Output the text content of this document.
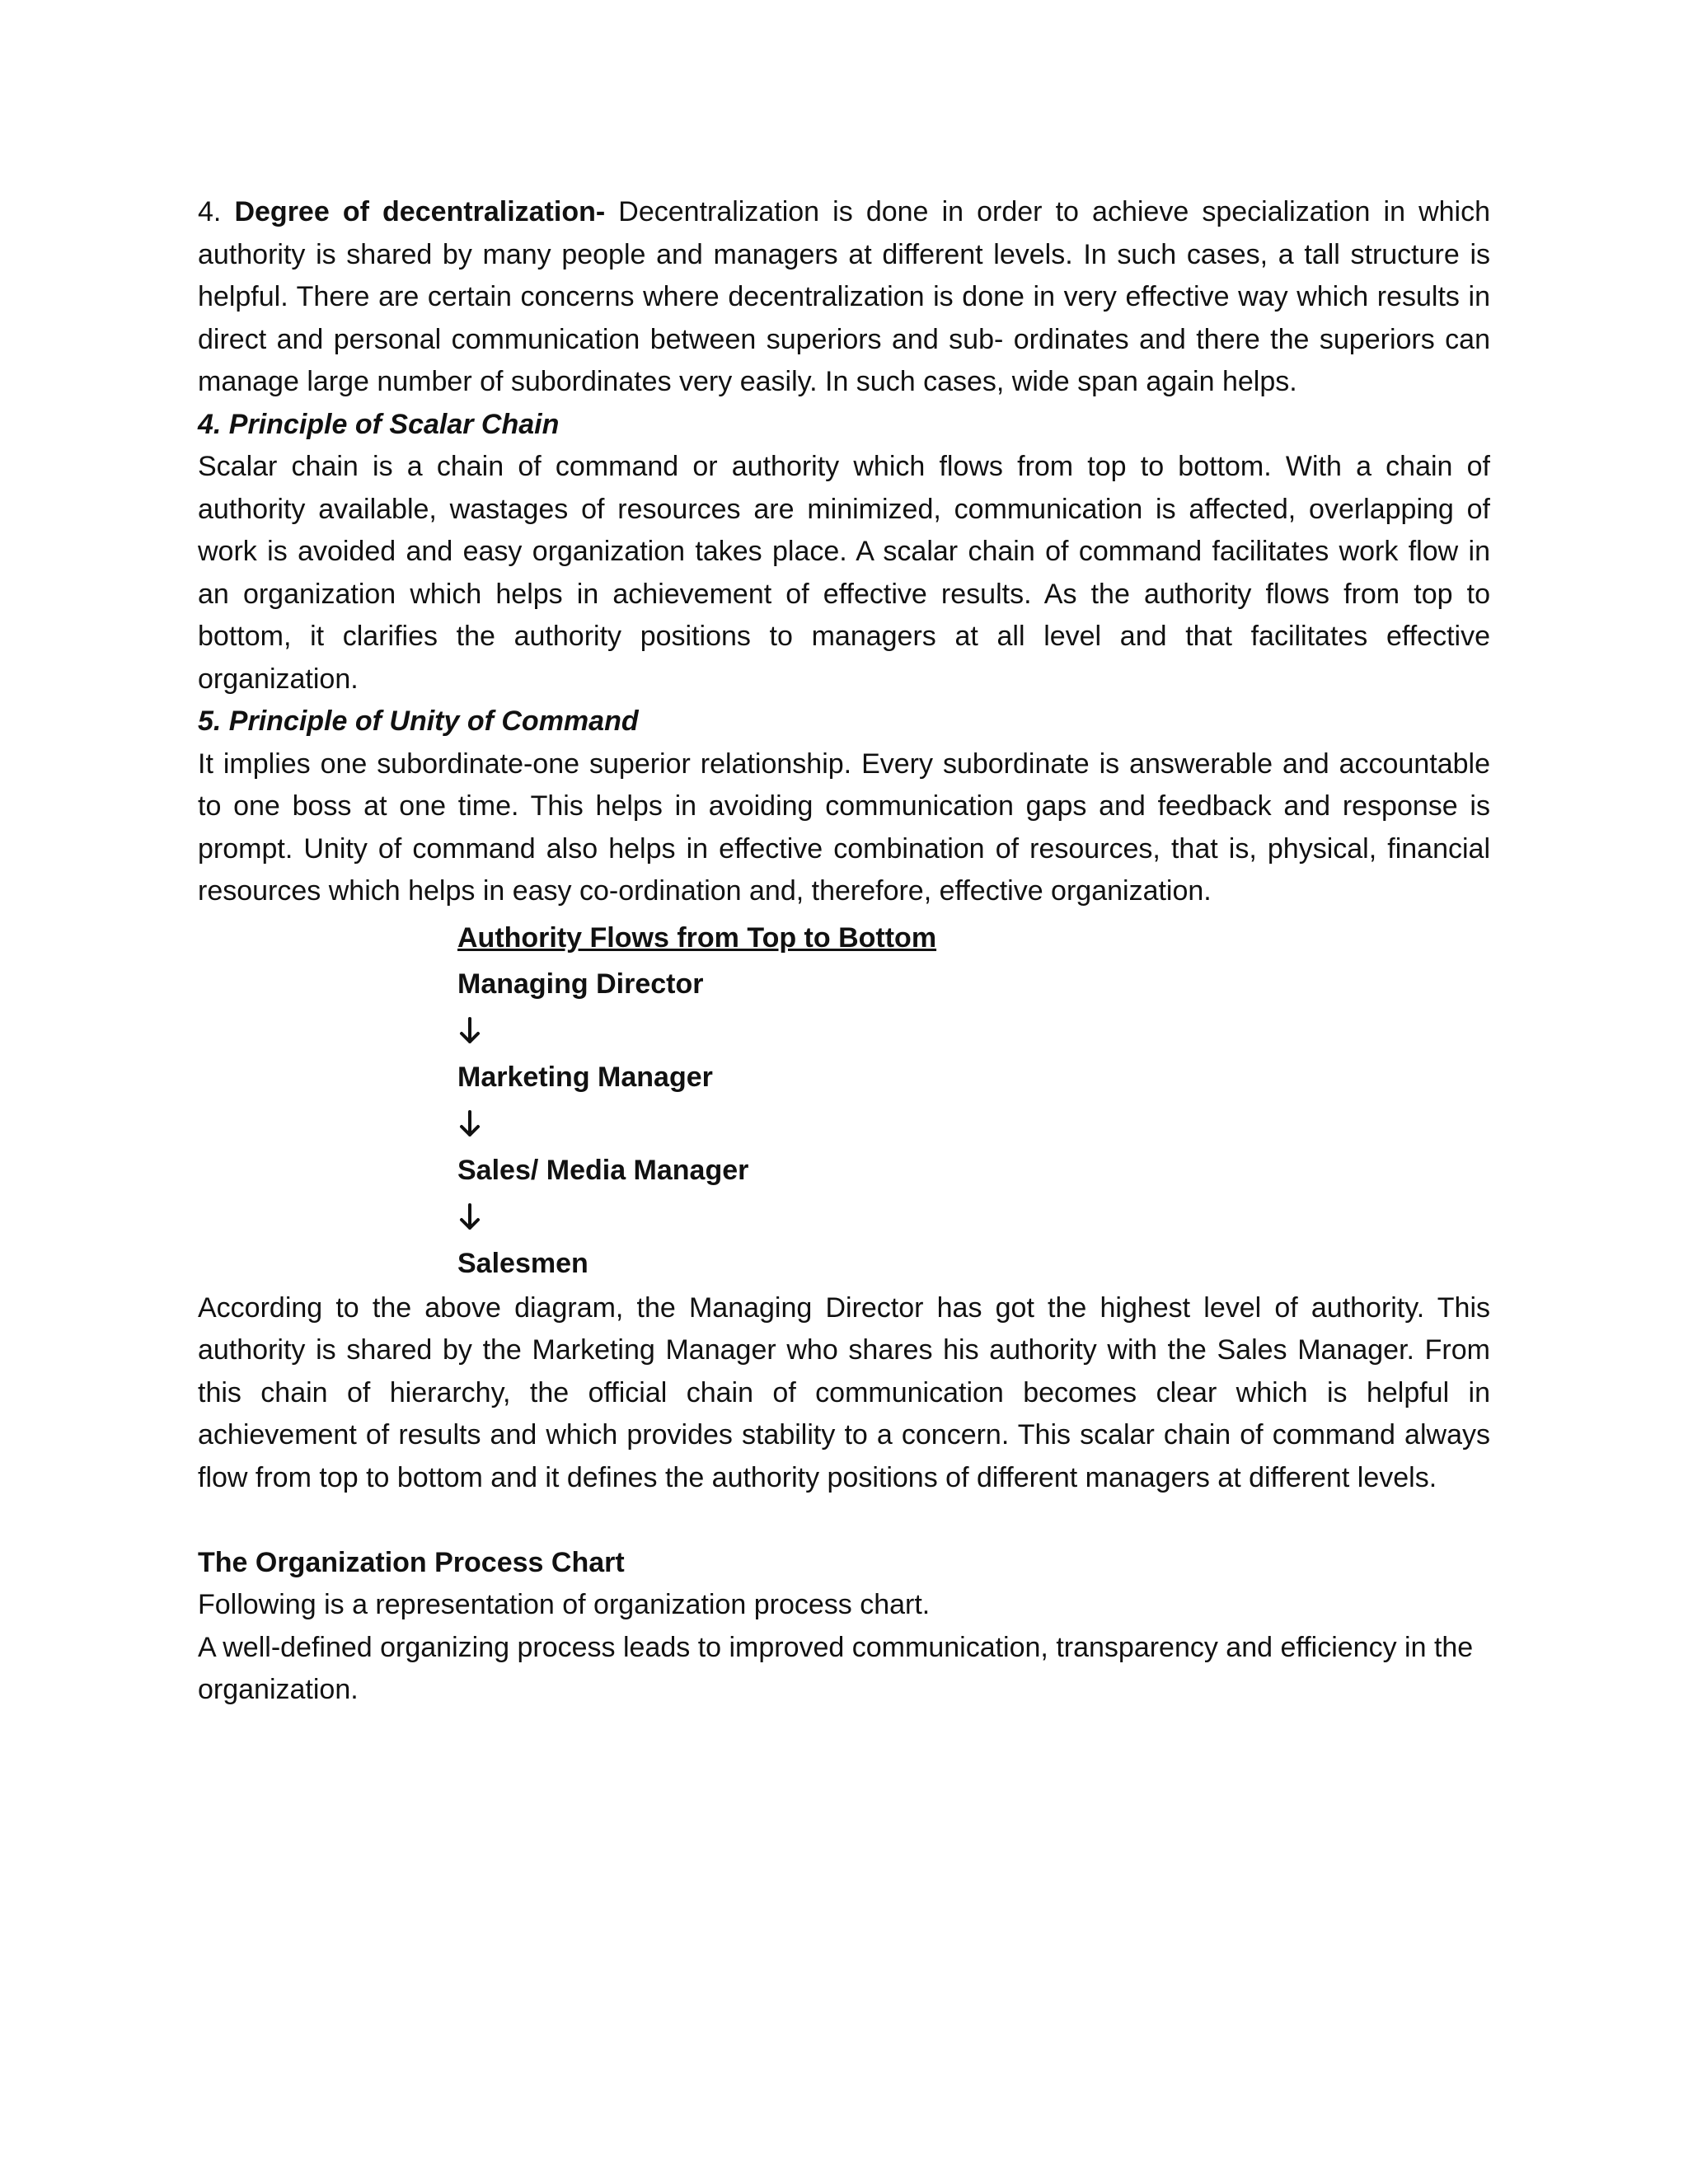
4. Degree of decentralization- Decentralization is done in order to achieve specialization in which authority is shared by many people and managers at different levels. In such cases, a tall structure is helpful. There are certain concerns where decentralization is done in very effective way which results in direct and personal communication between superiors and sub- ordinates and there the superiors can manage large number of subordinates very easily. In such cases, wide span again helps.

4. Principle of Scalar Chain

Scalar chain is a chain of command or authority which flows from top to bottom. With a chain of authority available, wastages of resources are minimized, communication is affected, overlapping of work is avoided and easy organization takes place. A scalar chain of command facilitates work flow in an organization which helps in achievement of effective results. As the authority flows from top to bottom, it clarifies the authority positions to managers at all level and that facilitates effective organization.

5. Principle of Unity of Command

It implies one subordinate-one superior relationship. Every subordinate is answerable and accountable to one boss at one time. This helps in avoiding communication gaps and feedback and response is prompt. Unity of command also helps in effective combination of resources, that is, physical, financial resources which helps in easy co-ordination and, therefore, effective organization.

Authority Flows from Top to Bottom
Managing Director
Marketing Manager
Sales/ Media Manager
Salesmen

According to the above diagram, the Managing Director has got the highest level of authority. This authority is shared by the Marketing Manager who shares his authority with the Sales Manager. From this chain of hierarchy, the official chain of communication becomes clear which is helpful in achievement of results and which provides stability to a concern. This scalar chain of command always flow from top to bottom and it defines the authority positions of different managers at different levels.

The Organization Process Chart

Following is a representation of organization process chart.

A well-defined organizing process leads to improved communication, transparency and efficiency in the organization.
